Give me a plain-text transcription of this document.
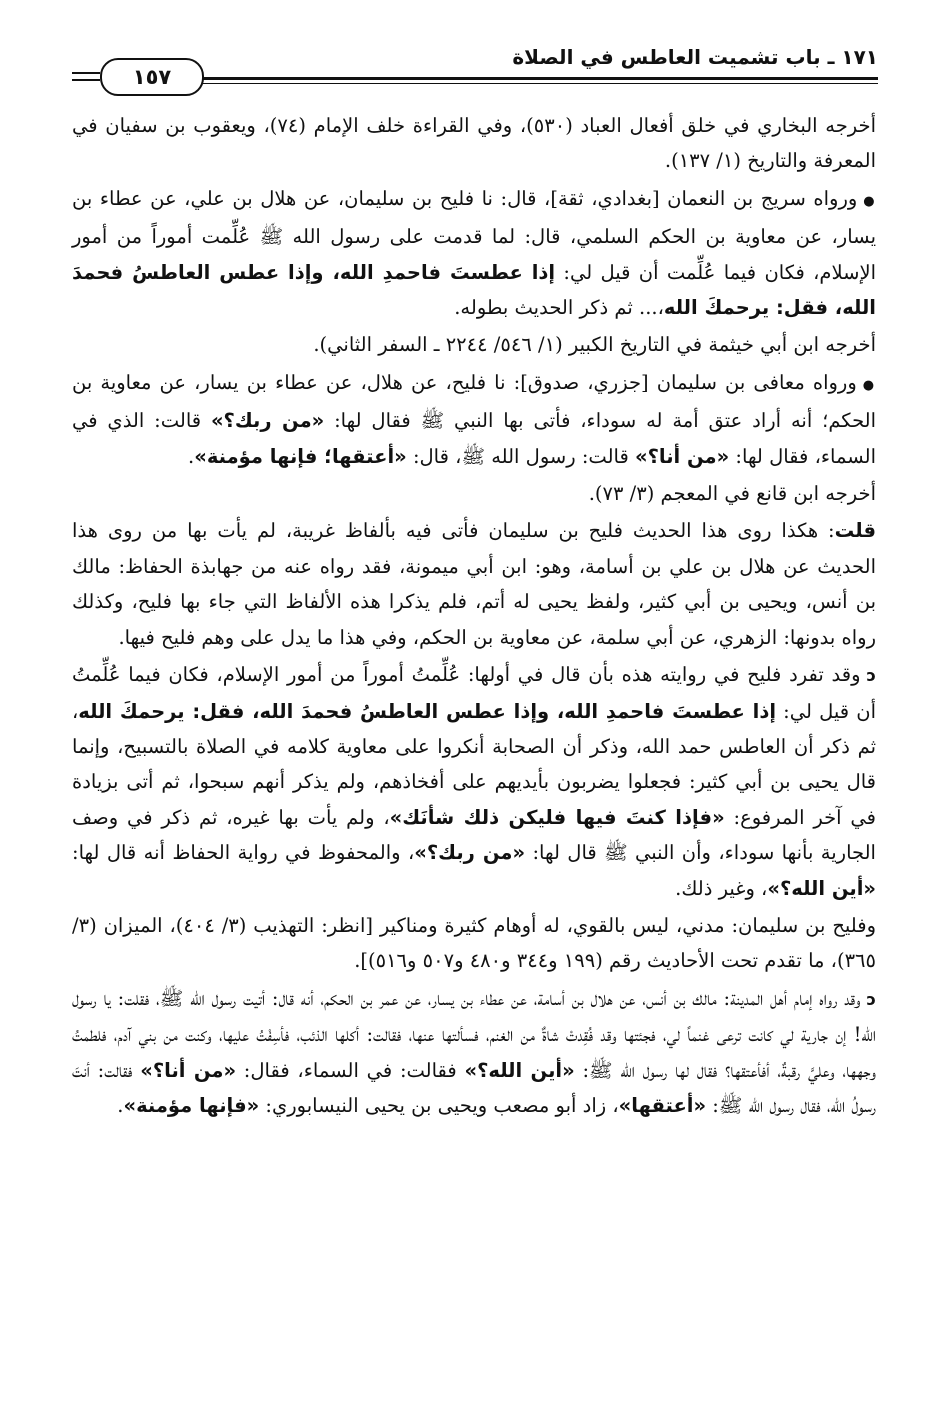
١٧١ ـ باب تشميت العاطس في الصلاة
١٥٧

أخرجه البخاري في خلق أفعال العباد (٥٣٠)، وفي القراءة خلف الإمام (٧٤)، ويعقوب بن سفيان في المعرفة والتاريخ (١/ ١٣٧).

●ورواه سريج بن النعمان [بغدادي، ثقة]، قال: نا فليح بن سليمان، عن هلال بن علي، عن عطاء بن يسار، عن معاوية بن الحكم السلمي، قال: لما قدمت على رسول الله ﷺ عُلِّمت أموراً من أمور الإسلام، فكان فيما عُلِّمت أن قيل لي: إذا عطستَ فاحمدِ الله، وإذا عطس العاطسُ فحمدَ الله، فقل: يرحمكَ الله،... ثم ذكر الحديث بطوله.

أخرجه ابن أبي خيثمة في التاريخ الكبير (١/ ٥٤٦/ ٢٢٤٤ ـ السفر الثاني).

●ورواه معافى بن سليمان [جزري، صدوق]: نا فليح، عن هلال، عن عطاء بن يسار، عن معاوية بن الحكم؛ أنه أراد عتق أمة له سوداء، فأتى بها النبي ﷺ فقال لها: «من ربك؟» قالت: الذي في السماء، فقال لها: «من أنا؟» قالت: رسول الله ﷺ، قال: «أعتقها؛ فإنها مؤمنة».

أخرجه ابن قانع في المعجم (٣/ ٧٣).

قلت: هكذا روى هذا الحديث فليح بن سليمان فأتى فيه بألفاظ غريبة، لم يأت بها من روى هذا الحديث عن هلال بن علي بن أسامة، وهو: ابن أبي ميمونة، فقد رواه عنه من جهابذة الحفاظ: مالك بن أنس، ويحيى بن أبي كثير، ولفظ يحيى له أتم، فلم يذكرا هذه الألفاظ التي جاء بها فليح، وكذلك رواه بدونها: الزهري، عن أبي سلمة، عن معاوية بن الحكم، وفي هذا ما يدل على وهم فليح فيها.

ↄوقد تفرد فليح في روايته هذه بأن قال في أولها: عُلِّمتُ أموراً من أمور الإسلام، فكان فيما عُلِّمتُ أن قيل لي: إذا عطستَ فاحمدِ الله، وإذا عطس العاطسُ فحمدَ الله، فقل: يرحمكَ الله، ثم ذكر أن العاطس حمد الله، وذكر أن الصحابة أنكروا على معاوية كلامه في الصلاة بالتسبيح، وإنما قال يحيى بن أبي كثير: فجعلوا يضربون بأيديهم على أفخاذهم، ولم يذكر أنهم سبحوا، ثم أتى بزيادة في آخر المرفوع: «فإذا كنتَ فيها فليكن ذلك شأنَك»، ولم يأت بها غيره، ثم ذكر في وصف الجارية بأنها سوداء، وأن النبي ﷺ قال لها: «من ربك؟»، والمحفوظ في رواية الحفاظ أنه قال لها: «أين الله؟»، وغير ذلك.

وفليح بن سليمان: مدني، ليس بالقوي، له أوهام كثيرة ومناكير [انظر: التهذيب (٣/ ٤٠٤)، الميزان (٣/ ٣٦٥)، ما تقدم تحت الأحاديث رقم (١٩٩ و٣٤٤ و٤٨٠ و٥٠٧ و٥١٦)].

ↄوقد رواه إمام أهل المدينة: مالك بن أنس، عن هلال بن أسامة، عن عطاء بن يسار، عن عمر بن الحكم، أنه قال: أتيت رسول الله ﷺ، فقلت: يا رسول الله! إن جارية لي كانت ترعى غنماً لي، فجئتها وقد فُقِدتْ شاةٌ من الغنم، فسألتها عنها، فقالت: أكلها الذئب، فأسِفْتُ عليها، وكنت من بني آدم، فلطمتُ وجهها، وعليَّ رقبةٌ، أفأعتقها؟ فقال لها رسول الله ﷺ: «أين الله؟» فقالت: في السماء، فقال: «من أنا؟» فقالت: أنتَ رسولُ الله، فقال رسول الله ﷺ: «أعتقها»، زاد أبو مصعب ويحيى بن يحيى النيسابوري: «فإنها مؤمنة».
